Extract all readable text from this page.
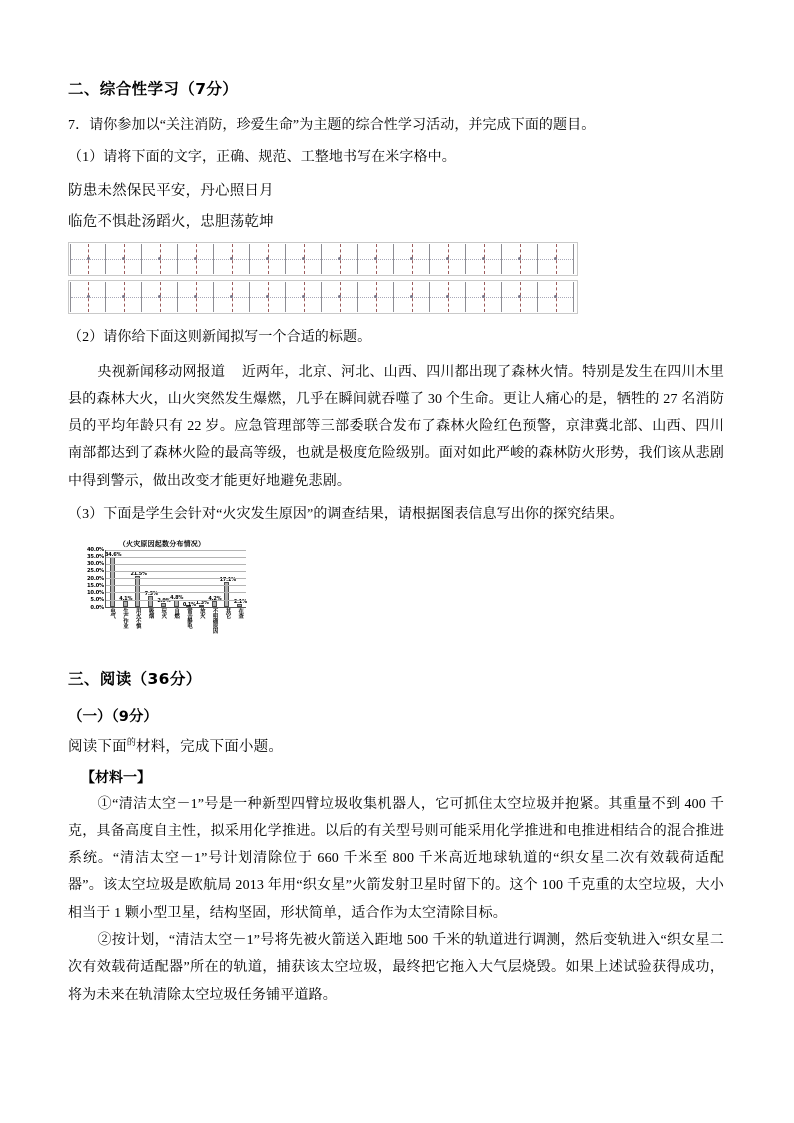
二、综合性学习（7分）

7．请你参加以“关注消防，珍爱生命”为主题的综合性学习活动，并完成下面的题目。

（1）请将下面的文字，正确、规范、工整地书写在米字格中。

防患未然保民平安，丹心照日月

临危不惧赴汤蹈火，忠胆荡乾坤

（2）请你给下面这则新闻拟写一个合适的标题。

央视新闻移动网报道 近两年，北京、河北、山西、四川都出现了森林火情。特别是发生在四川木里县的森林大火，山火突然发生爆燃，几乎在瞬间就吞噬了 30 个生命。更让人痛心的是，牺牲的 27 名消防员的平均年龄只有 22 岁。应急管理部等三部委联合发布了森林火险红色预警，京津冀北部、山西、四川南部都达到了森林火险的最高等级，也就是极度危险级别。面对如此严峻的森林防火形势，我们该从悲剧中得到警示，做出改变才能更好地避免悲剧。

（3）下面是学生会针对“火灾发生原因”的调查结果，请根据图表信息写出你的探究结果。

（火灾原因起数分布情况）
0.0%
5.0%
10.0%
15.0%
20.0%
25.0%
30.0%
35.0%
40.0%
34.6%
4.1%
21.5%
7.3%
2.9% 4.8%
0.1% 1.3%
4.2%
17.1%
2.1%
电气	生产作业	用火不慎	吸烟	玩火	自燃	雷击静电	放火	不明确原因	其它	在查
三、阅读（36分）
（一）（9分）

阅读下面$^的$材料，完成下面小题。

【材料一】

①“清洁太空－1”号是一种新型四臂垃圾收集机器人，它可抓住太空垃圾并抱紧。其重量不到 400 千克，具备高度自主性，拟采用化学推进。以后的有关型号则可能采用化学推进和电推进相结合的混合推进系统。“清洁太空－1”号计划清除位于 660 千米至 800 千米高近地球轨道的“织女星二次有效载荷适配器”。该太空垃圾是欧航局 2013 年用“织女星”火箭发射卫星时留下的。这个 100 千克重的太空垃圾，大小相当于 1 颗小型卫星，结构坚固，形状简单，适合作为太空清除目标。

②按计划，“清洁太空－1”号将先被火箭送入距地 500 千米的轨道进行调测，然后变轨进入“织女星二次有效载荷适配器”所在的轨道，捕获该太空垃圾，最终把它拖入大气层烧毁。如果上述试验获得成功，将为未来在轨清除太空垃圾任务铺平道路。
